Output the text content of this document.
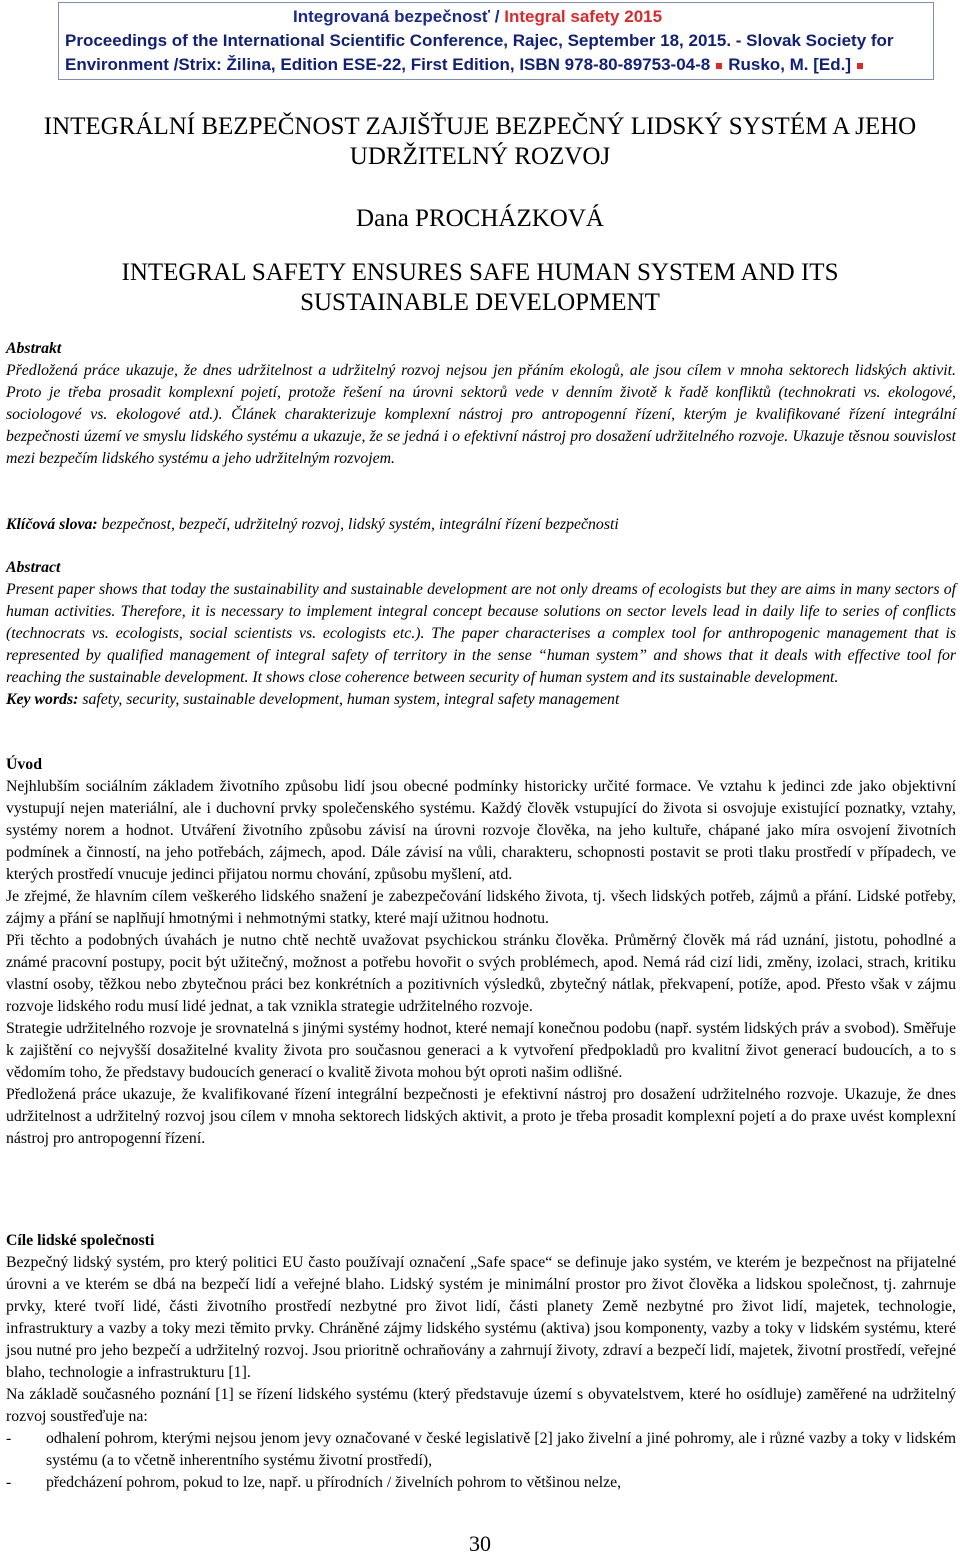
Integrovaná bezpečnosť / Integral safety 2015
Proceedings of the International Scientific Conference, Rajec, September 18, 2015. - Slovak Society for
Environment /Strix: Žilina, Edition ESE-22, First Edition, ISBN 978-80-89753-04-8 Rusko, M. [Ed.]
INTEGRÁLNÍ BEZPEČNOST ZAJIŠŤUJE BEZPEČNÝ LIDSKÝ SYSTÉM A JEHO UDRŽITELNÝ ROZVOJ
Dana PROCHÁZKOVÁ
INTEGRAL SAFETY ENSURES SAFE HUMAN SYSTEM AND ITS SUSTAINABLE DEVELOPMENT

Abstrakt

Předložená práce ukazuje, že dnes udržitelnost a udržitelný rozvoj nejsou jen přáním ekologů, ale jsou cílem v mnoha sektorech lidských aktivit. Proto je třeba prosadit komplexní pojetí, protože řešení na úrovni sektorů vede v denním životě k řadě konfliktů (technokrati vs. ekologové, sociologové vs. ekologové atd.). Článek charakterizuje komplexní nástroj pro antropogenní řízení, kterým je kvalifikované řízení integrální bezpečnosti území ve smyslu lidského systému a ukazuje, že se jedná i o efektivní nástroj pro dosažení udržitelného rozvoje. Ukazuje těsnou souvislost mezi bezpečím lidského systému a jeho udržitelným rozvojem.

Klíčová slova: bezpečnost, bezpečí, udržitelný rozvoj, lidský systém, integrální řízení bezpečnosti

Abstract

Present paper shows that today the sustainability and sustainable development are not only dreams of ecologists but they are aims in many sectors of human activities. Therefore, it is necessary to implement integral concept because solutions on sector levels lead in daily life to series of conflicts (technocrats vs. ecologists, social scientists vs. ecologists etc.). The paper characterises a complex tool for anthropogenic management that is represented by qualified management of integral safety of territory in the sense “human system” and shows that it deals with effective tool for reaching the sustainable development. It shows close coherence between security of human system and its sustainable development.

Key words: safety, security, sustainable development, human system, integral safety management

Úvod

Nejhlubším sociálním základem životního způsobu lidí jsou obecné podmínky historicky určité formace. Ve vztahu k jedinci zde jako objektivní vystupují nejen materiální, ale i duchovní prvky společenského systému. Každý člověk vstupující do života si osvojuje existující poznatky, vztahy, systémy norem a hodnot. Utváření životního způsobu závisí na úrovni rozvoje člověka, na jeho kultuře, chápané jako míra osvojení životních podmínek a činností, na jeho potřebách, zájmech, apod. Dále závisí na vůli, charakteru, schopnosti postavit se proti tlaku prostředí v případech, ve kterých prostředí vnucuje jedinci přijatou normu chování, způsobu myšlení, atd.

Je zřejmé, že hlavním cílem veškerého lidského snažení je zabezpečování lidského života, tj. všech lidských potřeb, zájmů a přání. Lidské potřeby, zájmy a přání se naplňují hmotnými i nehmotnými statky, které mají užitnou hodnotu.

Při těchto a podobných úvahách je nutno chtě nechtě uvažovat psychickou stránku člověka. Průměrný člověk má rád uznání, jistotu, pohodlné a známé pracovní postupy, pocit být užitečný, možnost a potřebu hovořit o svých problémech, apod. Nemá rád cizí lidi, změny, izolaci, strach, kritiku vlastní osoby, těžkou nebo zbytečnou práci bez konkrétních a pozitivních výsledků, zbytečný nátlak, překvapení, potíže, apod. Přesto však v zájmu rozvoje lidského rodu musí lidé jednat, a tak vznikla strategie udržitelného rozvoje.

Strategie udržitelného rozvoje je srovnatelná s jinými systémy hodnot, které nemají konečnou podobu (např. systém lidských práv a svobod). Směřuje k zajištění co nejvyšší dosažitelné kvality života pro současnou generaci a k vytvoření předpokladů pro kvalitní život generací budoucích, a to s vědomím toho, že představy budoucích generací o kvalitě života mohou být oproti našim odlišné.

Předložená práce ukazuje, že kvalifikované řízení integrální bezpečnosti je efektivní nástroj pro dosažení udržitelného rozvoje. Ukazuje, že dnes udržitelnost a udržitelný rozvoj jsou cílem v mnoha sektorech lidských aktivit, a proto je třeba prosadit komplexní pojetí a do praxe uvést komplexní nástroj pro antropogenní řízení.

Cíle lidské společnosti

Bezpečný lidský systém, pro který politici EU často používají označení „Safe space“ se definuje jako systém, ve kterém je bezpečnost na přijatelné úrovni a ve kterém se dbá na bezpečí lidí a veřejné blaho. Lidský systém je minimální prostor pro život člověka a lidskou společnost, tj. zahrnuje prvky, které tvoří lidé, části životního prostředí nezbytné pro život lidí, části planety Země nezbytné pro život lidí, majetek, technologie, infrastruktury a vazby a toky mezi těmito prvky. Chráněné zájmy lidského systému (aktiva) jsou komponenty, vazby a toky v lidském systému, které jsou nutné pro jeho bezpečí a udržitelný rozvoj. Jsou prioritně ochraňovány a zahrnují životy, zdraví a bezpečí lidí, majetek, životní prostředí, veřejné blaho, technologie a infrastrukturu [1].

Na základě současného poznání [1] se řízení lidského systému (který představuje území s obyvatelstvem, které ho osídluje) zaměřené na udržitelný rozvoj soustřeďuje na:

-	odhalení pohrom, kterými nejsou jenom jevy označované v české legislativě [2] jako živelní a jiné pohromy, ale i různé vazby a toky v lidském systému (a to včetně inherentního systému životní prostředí),
-	předcházení pohrom, pokud to lze, např. u přírodních / živelních pohrom to většinou nelze,
30
